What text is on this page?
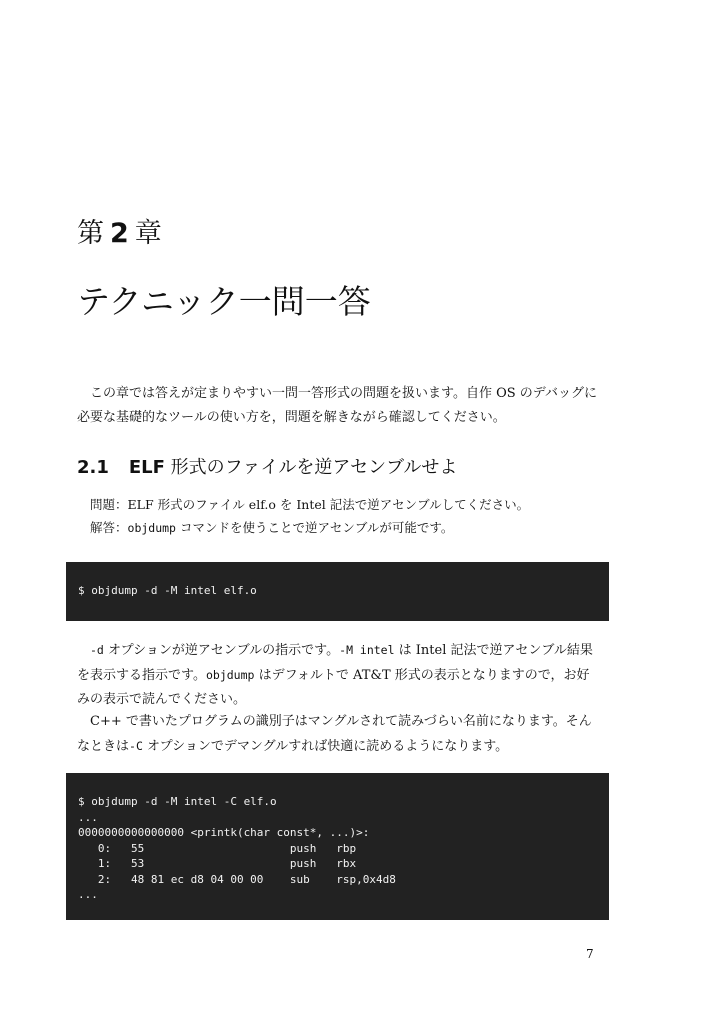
第 2 章
テクニック一問一答

この章では答えが定まりやすい一問一答形式の問題を扱います。自作 OS のデバッグに
必要な基礎的なツールの使い方を，問題を解きながら確認してください。

2.1 ELF 形式のファイルを逆アセンブルせよ

問題：ELF 形式のファイル elf.o を Intel 記法で逆アセンブルしてください。

解答：objdump コマンドを使うことで逆アセンブルが可能です。

$ objdump -d -M intel elf.o

-d オプションが逆アセンブルの指示です。-M intel は Intel 記法で逆アセンブル結果
を表示する指示です。objdump はデフォルトで AT&T 形式の表示となりますので，お好
みの表示で読んでください。

C++ で書いたプログラムの識別子はマングルされて読みづらい名前になります。そん
なときは-C オプションでデマングルすれば快適に読めるようになります。

$ objdump -d -M intel -C elf.o
...
0000000000000000 <printk(char const*, ...)>:
0:   55                      push   rbp
1:   53                      push   rbx
2:   48 81 ec d8 04 00 00    sub    rsp,0x4d8
...

7
